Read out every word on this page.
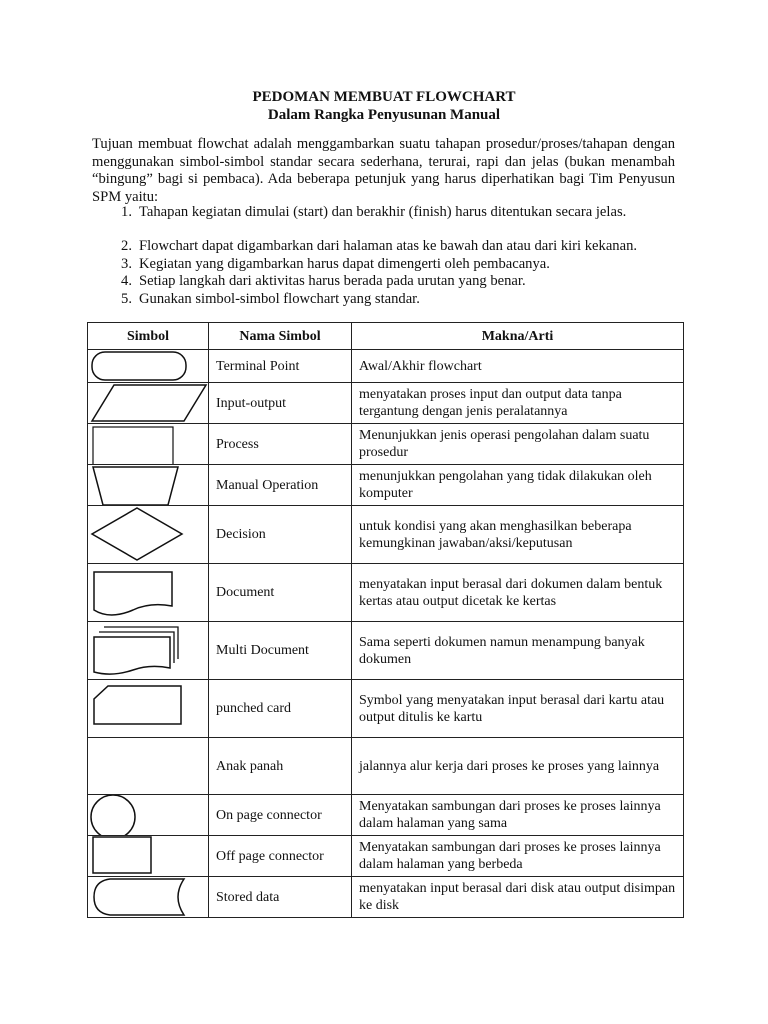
PEDOMAN MEMBUAT FLOWCHART
Dalam Rangka Penyusunan Manual
Tujuan membuat flowchat adalah menggambarkan suatu tahapan prosedur/proses/tahapan dengan menggunakan simbol-simbol standar secara sederhana, terurai, rapi dan jelas (bukan menambah “bingung” bagi si pembaca). Ada beberapa petunjuk yang harus diperhatikan bagi Tim Penyusun SPM yaitu:
1. Tahapan kegiatan dimulai (start) dan berakhir (finish) harus ditentukan secara jelas.
2. Flowchart dapat digambarkan dari halaman atas ke bawah dan atau dari kiri kekanan.
3. Kegiatan yang digambarkan harus dapat dimengerti oleh pembacanya.
4. Setiap langkah dari aktivitas harus berada pada urutan yang benar.
5. Gunakan simbol-simbol flowchart yang standar.
Simbol	Nama Simbol	Makna/Arti

	Terminal Point	Awal/Akhir flowchart

	Input-output	menyatakan proses input dan output data tanpa tergantung dengan jenis peralatannya

	Process	Menunjukkan jenis operasi pengolahan dalam suatu prosedur

	Manual Operation	menunjukkan pengolahan yang tidak dilakukan oleh komputer

	Decision	untuk kondisi yang akan menghasilkan beberapa kemungkinan jawaban/aksi/keputusan

	Document	menyatakan input berasal dari dokumen dalam bentuk kertas atau output dicetak ke kertas

	Multi Document	Sama seperti dokumen namun menampung banyak dokumen

	punched card	Symbol yang menyatakan input berasal dari kartu atau output ditulis ke kartu

	Anak panah	jalannya alur kerja dari proses ke proses yang lainnya

	On page connector	Menyatakan sambungan dari proses ke proses lainnya dalam halaman yang sama

	Off page connector	Menyatakan sambungan dari proses ke proses lainnya dalam halaman yang berbeda

	Stored data	menyatakan input berasal dari disk atau output disimpan ke disk
